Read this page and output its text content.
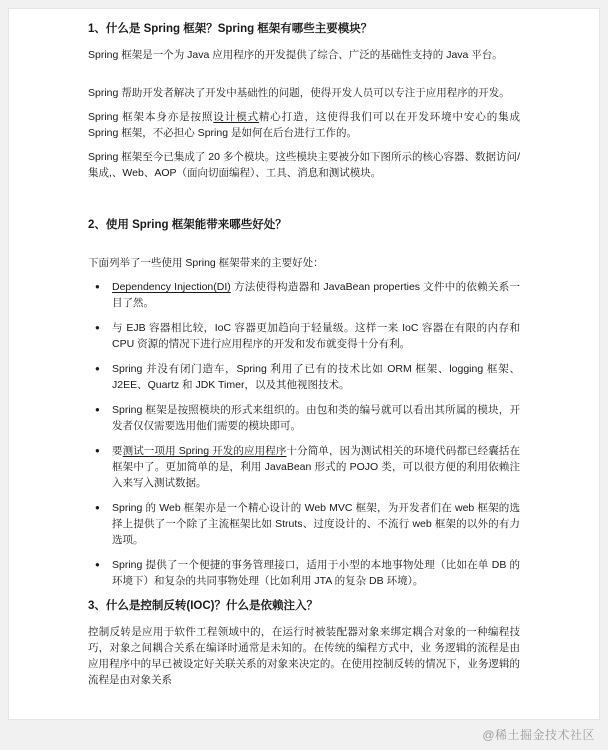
1、什么是 Spring 框架？Spring 框架有哪些主要模块？

Spring 框架是一个为 Java 应用程序的开发提供了综合、广泛的基础性支持的 Java 平台。

Spring 帮助开发者解决了开发中基础性的问题，使得开发人员可以专注于应用程序的开发。

Spring 框架本身亦是按照设计模式精心打造，这使得我们可以在开发环境中安心的集成 Spring 框架，不必担心 Spring 是如何在后台进行工作的。

Spring 框架至今已集成了 20 多个模块。这些模块主要被分如下图所示的核心容器、数据访问/集成,、Web、AOP（面向切面编程）、工具、消息和测试模块。

2、使用 Spring 框架能带来哪些好处？

下面列举了一些使用 Spring 框架带来的主要好处：

●	Dependency Injection(DI) 方法使得构造器和 JavaBean properties 文件中的依赖关系一目了然。
●	与 EJB 容器相比较，IoC 容器更加趋向于轻量级。这样一来 IoC 容器在有限的内存和 CPU 资源的情况下进行应用程序的开发和发布就变得十分有利。
●	Spring 并没有闭门造车，Spring 利用了已有的技术比如 ORM 框架、logging 框架、J2EE、Quartz 和 JDK Timer，以及其他视图技术。
●	Spring 框架是按照模块的形式来组织的。由包和类的编号就可以看出其所属的模块，开发者仅仅需要选用他们需要的模块即可。
●	要测试一项用 Spring 开发的应用程序十分简单，因为测试相关的环境代码都已经囊括在框架中了。更加简单的是，利用 JavaBean 形式的 POJO 类，可以很方便的利用依赖注入来写入测试数据。
●	Spring 的 Web 框架亦是一个精心设计的 Web MVC 框架，为开发者们在 web 框架的选择上提供了一个除了主流框架比如 Struts、过度设计的、不流行 web 框架的以外的有力选项。
●	Spring 提供了一个便捷的事务管理接口，适用于小型的本地事物处理（比如在单 DB 的环境下）和复杂的共同事物处理（比如利用 JTA 的复杂 DB 环境）。
3、什么是控制反转(IOC)？什么是依赖注入？

控制反转是应用于软件工程领域中的，在运行时被装配器对象来绑定耦合对象的一种编程技巧，对象之间耦合关系在编译时通常是未知的。在传统的编程方式中，业 务逻辑的流程是由应用程序中的早已被设定好关联关系的对象来决定的。在使用控制反转的情况下，业务逻辑的流程是由对象关系

@稀土掘金技术社区
